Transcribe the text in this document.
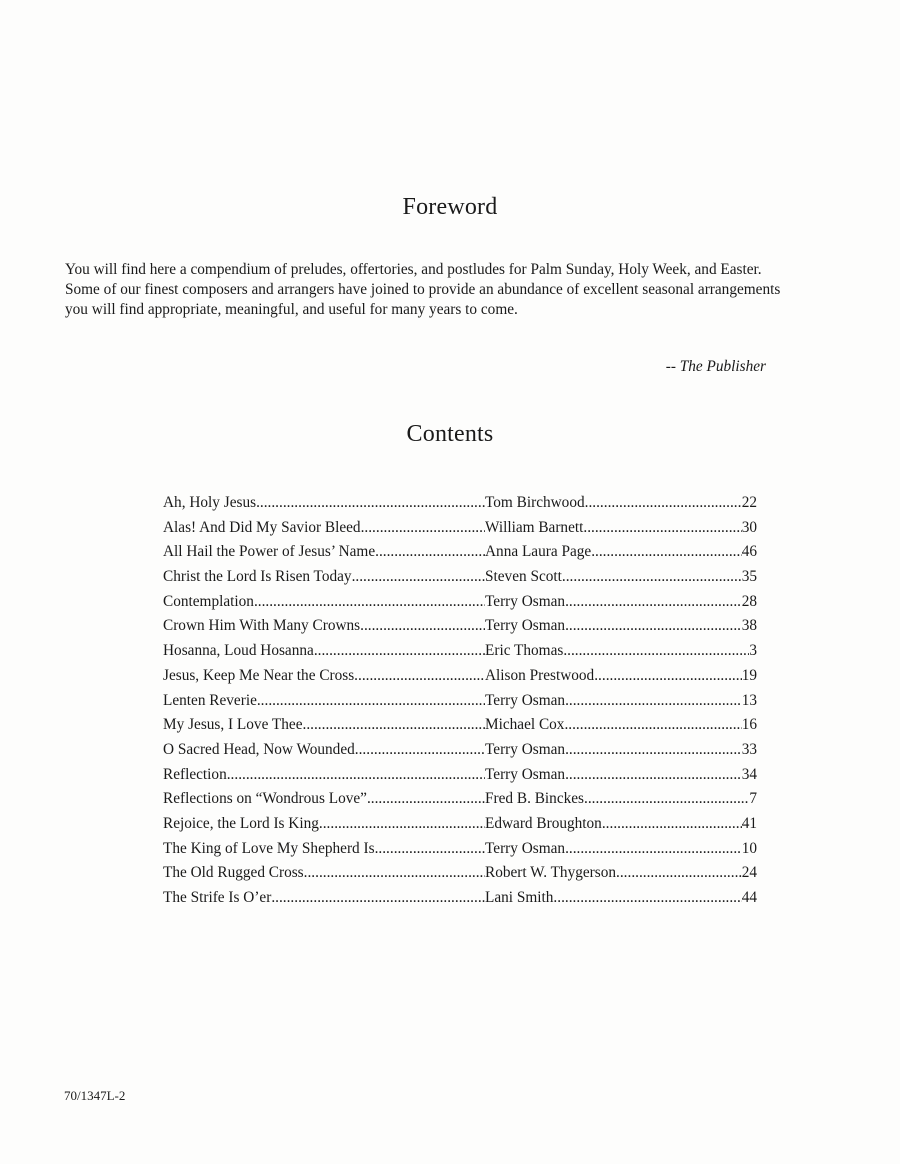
Foreword

You will find here a compendium of preludes, offertories, and postludes for Palm Sunday, Holy Week, and Easter.
Some of our finest composers and arrangers have joined to provide an abundance of excellent seasonal arrangements
you will find appropriate, meaningful, and useful for many years to come.

-- The Publisher

Contents
Ah, Holy Jesus .....	Tom Birchwood .....	22
Alas! And Did My Savior Bleed .....	William Barnett .....	30
All Hail the Power of Jesus’ Name .....	Anna Laura Page .....	46
Christ the Lord Is Risen Today .....	Steven Scott .....	35
Contemplation .....	Terry Osman .....	28
Crown Him With Many Crowns .....	Terry Osman .....	38
Hosanna, Loud Hosanna .....	Eric Thomas .....	3
Jesus, Keep Me Near the Cross .....	Alison Prestwood .....	19
Lenten Reverie .....	Terry Osman .....	13
My Jesus, I Love Thee .....	Michael Cox .....	16
O Sacred Head, Now Wounded .....	Terry Osman .....	33
Reflection .....	Terry Osman .....	34
Reflections on “Wondrous Love” .....	Fred B. Binckes .....	7
Rejoice, the Lord Is King .....	Edward Broughton .....	41
The King of Love My Shepherd Is .....	Terry Osman .....	10
The Old Rugged Cross .....	Robert W. Thygerson .....	24
The Strife Is O’er .....	Lani Smith .....	44

70/1347L-2
